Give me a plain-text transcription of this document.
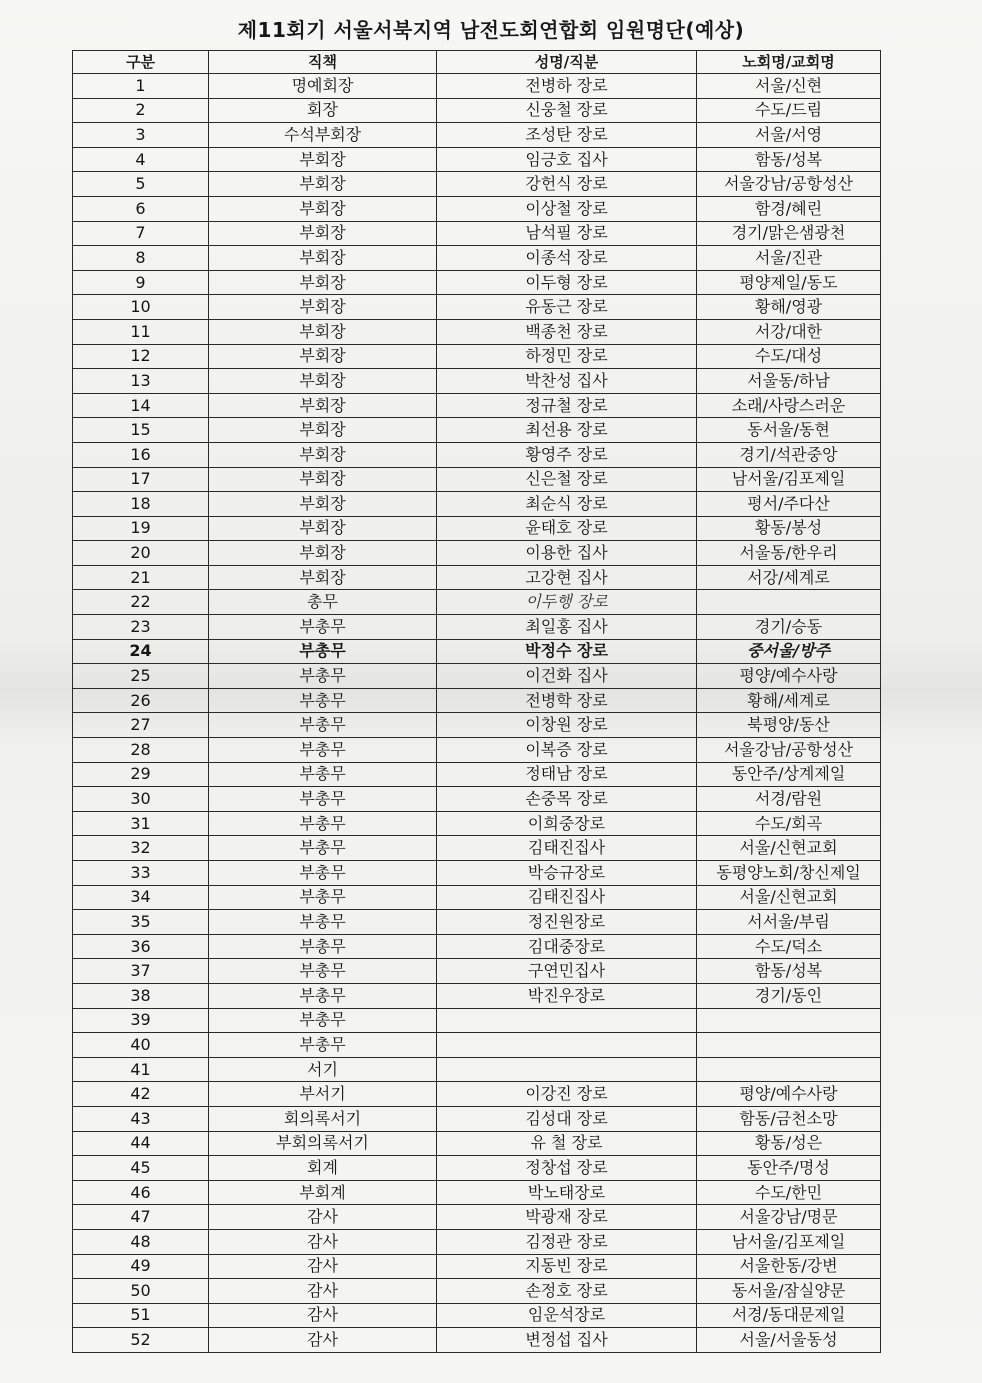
제11회기 서울서북지역 남전도회연합회 임원명단(예상)
구분	직책	성명/직분	노회명/교회명
1	명예회장	전병하 장로	서울/신현
2	회장	신웅철 장로	수도/드림
3	수석부회장	조성탄 장로	서울/서영
4	부회장	임긍호 집사	함동/성복
5	부회장	강헌식 장로	서울강남/공항성산
6	부회장	이상철 장로	함경/혜린
7	부회장	남석필 장로	경기/맑은샘광천
8	부회장	이종석 장로	서울/진관
9	부회장	이두형 장로	평양제일/동도
10	부회장	유동근 장로	황해/영광
11	부회장	백종천 장로	서강/대한
12	부회장	하정민 장로	수도/대성
13	부회장	박찬성 집사	서울동/하남
14	부회장	정규철 장로	소래/사랑스러운
15	부회장	최선용 장로	동서울/동현
16	부회장	황영주 장로	경기/석관중앙
17	부회장	신은철 장로	남서울/김포제일
18	부회장	최순식 장로	평서/주다산
19	부회장	윤태호 장로	황동/봉성
20	부회장	이용한 집사	서울동/한우리
21	부회장	고강현 집사	서강/세계로
22	총무	이두행 장로	
23	부총무	최일홍 집사	경기/승동
24	부총무	박정수 장로	중서울/방주
25	부총무	이건화 집사	평양/예수사랑
26	부총무	전병학 장로	황해/세계로
27	부총무	이창원 장로	북평양/동산
28	부총무	이복증 장로	서울강남/공항성산
29	부총무	정태남 장로	동안주/상계제일
30	부총무	손중목 장로	서경/람원
31	부총무	이희중장로	수도/회곡
32	부총무	김태진집사	서울/신현교회
33	부총무	박승규장로	동평양노회/창신제일
34	부총무	김태진집사	서울/신현교회
35	부총무	정진원장로	서서울/부림
36	부총무	김대중장로	수도/덕소
37	부총무	구연민집사	함동/성복
38	부총무	박진우장로	경기/동인
39	부총무		
40	부총무		
41	서기		
42	부서기	이강진 장로	평양/예수사랑
43	회의록서기	김성대 장로	함동/금천소망
44	부회의록서기	유 철 장로	황동/성은
45	회계	정창섭 장로	동안주/명성
46	부회계	박노태장로	수도/한민
47	감사	박광재 장로	서울강남/명문
48	감사	김정관 장로	남서울/김포제일
49	감사	지동빈 장로	서울한동/강변
50	감사	손정호 장로	동서울/잠실양문
51	감사	임운석장로	서경/동대문제일
52	감사	변정섭 집사	서울/서울동성
